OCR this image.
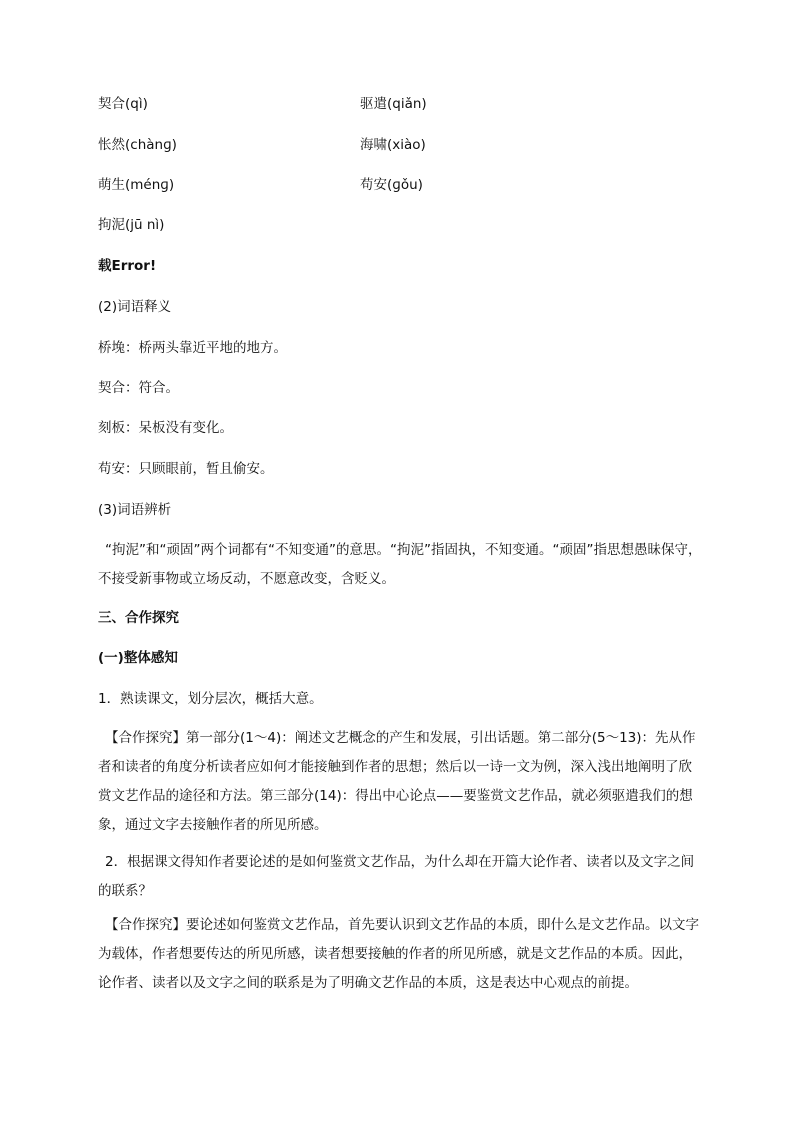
契合(qì)	驱遣(qiǎn)
怅然(chànɡ)	海啸(xiào)
萌生(ménɡ)	苟安(ɡǒu)
拘泥(jū nì)
载Error!
(2)词语释义
桥堍：桥两头靠近平地的地方。
契合：符合。
刻板：呆板没有变化。
苟安：只顾眼前，暂且偷安。
(3)词语辨析
“拘泥”和“顽固”两个词都有“不知变通”的意思。“拘泥”指固执，不知变通。“顽固”指思想愚昧保守，不接受新事物或立场反动，不愿意改变，含贬义。
三、合作探究
(一)整体感知
1．熟读课文，划分层次，概括大意。
【合作探究】第一部分(1～4)：阐述文艺概念的产生和发展，引出话题。第二部分(5～13)：先从作者和读者的角度分析读者应如何才能接触到作者的思想；然后以一诗一文为例，深入浅出地阐明了欣赏文艺作品的途径和方法。第三部分(14)：得出中心论点——要鉴赏文艺作品，就必须驱遣我们的想象，通过文字去接触作者的所见所感。
2．根据课文得知作者要论述的是如何鉴赏文艺作品，为什么却在开篇大论作者、读者以及文字之间的联系？
【合作探究】要论述如何鉴赏文艺作品，首先要认识到文艺作品的本质，即什么是文艺作品。以文字为载体，作者想要传达的所见所感，读者想要接触的作者的所见所感，就是文艺作品的本质。因此，论作者、读者以及文字之间的联系是为了明确文艺作品的本质，这是表达中心观点的前提。
